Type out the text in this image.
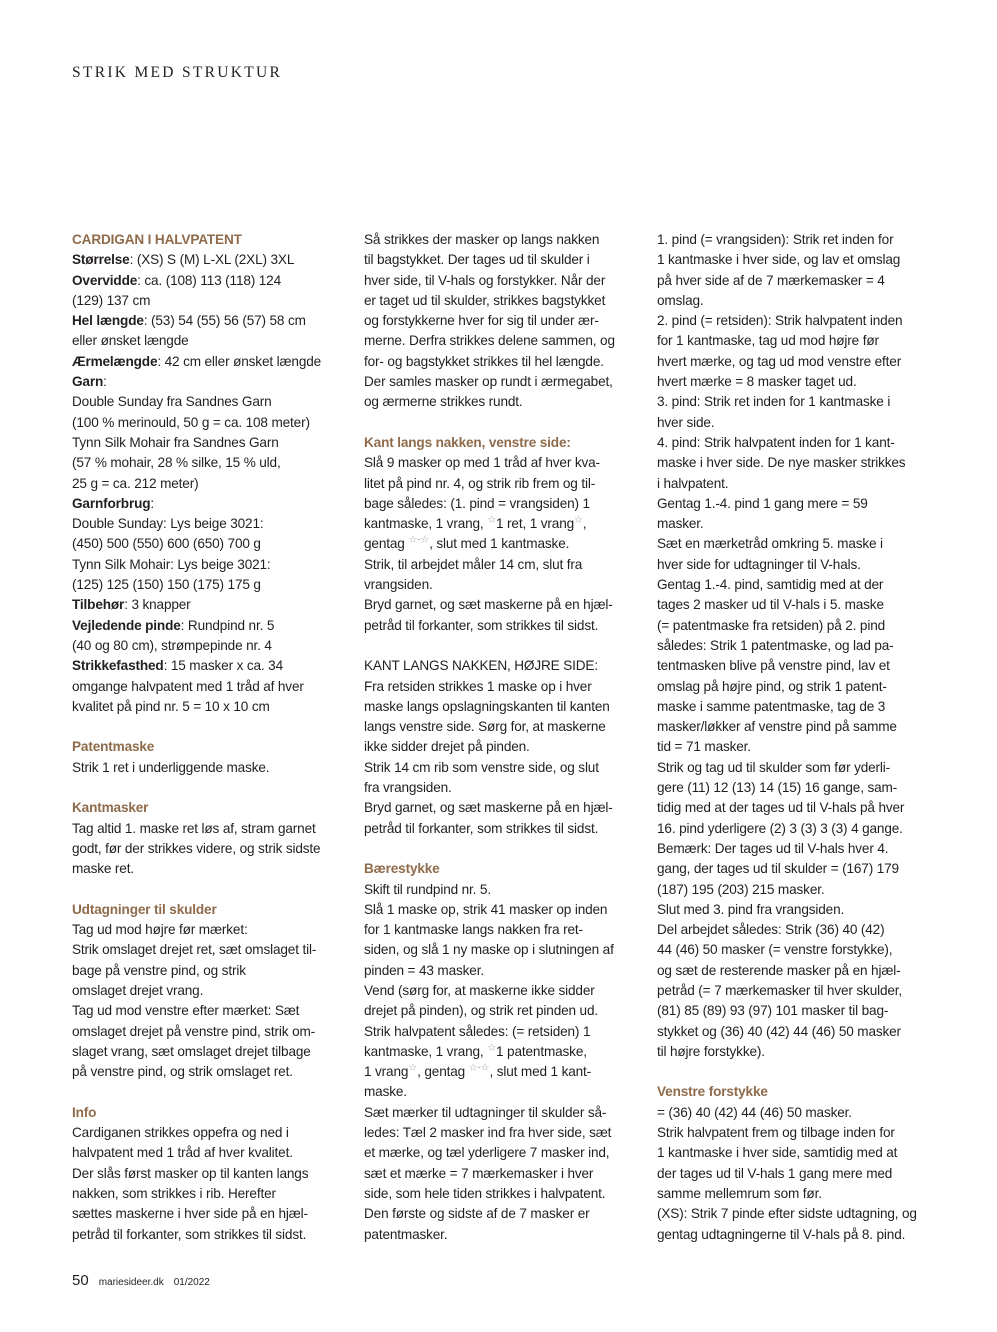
STRIK MED STRUKTUR

CARDIGAN I HALVPATENT

Størrelse: (XS) S (M) L-XL (2XL) 3XL

Overvidde: ca. (108) 113 (118) 124

(129) 137 cm

Hel længde: (53) 54 (55) 56 (57) 58 cm

eller ønsket længde

Ærmelængde: 42 cm eller ønsket længde

Garn:

Double Sunday fra Sandnes Garn

(100 % merinould, 50 g = ca. 108 meter)

Tynn Silk Mohair fra Sandnes Garn

(57 % mohair, 28 % silke, 15 % uld,

25 g = ca. 212 meter)

Garnforbrug:

Double Sunday: Lys beige 3021:

(450) 500 (550) 600 (650) 700 g

Tynn Silk Mohair: Lys beige 3021:

(125) 125 (150) 150 (175) 175 g

Tilbehør: 3 knapper

Vejledende pinde: Rundpind nr. 5

(40 og 80 cm), strømpepinde nr. 4

Strikkefasthed: 15 masker x ca. 34

omgange halvpatent med 1 tråd af hver

kvalitet på pind nr. 5 = 10 x 10 cm

Patentmaske

Strik 1 ret i underliggende maske.

Kantmasker

Tag altid 1. maske ret løs af, stram garnet

godt, før der strikkes videre, og strik sidste

maske ret.

Udtagninger til skulder

Tag ud mod højre før mærket:

Strik omslaget drejet ret, sæt omslaget til-

bage på venstre pind, og strik

omslaget drejet vrang.

Tag ud mod venstre efter mærket: Sæt

omslaget drejet på venstre pind, strik om-

slaget vrang, sæt omslaget drejet tilbage

på venstre pind, og strik omslaget ret.

Info

Cardiganen strikkes oppefra og ned i

halvpatent med 1 tråd af hver kvalitet.

Der slås først masker op til kanten langs

nakken, som strikkes i rib. Herefter

sættes maskerne i hver side på en hjæl-

petråd til forkanter, som strikkes til sidst.

Så strikkes der masker op langs nakken

til bagstykket. Der tages ud til skulder i

hver side, til V-hals og forstykker. Når der

er taget ud til skulder, strikkes bagstykket

og forstykkerne hver for sig til under ær-

merne. Derfra strikkes delene sammen, og

for- og bagstykket strikkes til hel længde.

Der samles masker op rundt i ærmegabet,

og ærmerne strikkes rundt.

Kant langs nakken, venstre side:

Slå 9 masker op med 1 tråd af hver kva-

litet på pind nr. 4, og strik rib frem og til-

bage således: (1. pind = vrangsiden) 1

kantmaske, 1 vrang, ☆1 ret, 1 vrang☆,

gentag ☆-☆, slut med 1 kantmaske.

Strik, til arbejdet måler 14 cm, slut fra

vrangsiden.

Bryd garnet, og sæt maskerne på en hjæl-

petråd til forkanter, som strikkes til sidst.

KANT LANGS NAKKEN, HØJRE SIDE:

Fra retsiden strikkes 1 maske op i hver

maske langs opslagningskanten til kanten

langs venstre side. Sørg for, at maskerne

ikke sidder drejet på pinden.

Strik 14 cm rib som venstre side, og slut

fra vrangsiden.

Bryd garnet, og sæt maskerne på en hjæl-

petråd til forkanter, som strikkes til sidst.

Bærestykke

Skift til rundpind nr. 5.

Slå 1 maske op, strik 41 masker op inden

for 1 kantmaske langs nakken fra ret-

siden, og slå 1 ny maske op i slutningen af

pinden = 43 masker.

Vend (sørg for, at maskerne ikke sidder

drejet på pinden), og strik ret pinden ud.

Strik halvpatent således: (= retsiden) 1

kantmaske, 1 vrang, ☆1 patentmaske,

1 vrang☆, gentag ☆-☆, slut med 1 kant-

maske.

Sæt mærker til udtagninger til skulder så-

ledes: Tæl 2 masker ind fra hver side, sæt

et mærke, og tæl yderligere 7 masker ind,

sæt et mærke = 7 mærkemasker i hver

side, som hele tiden strikkes i halvpatent.

Den første og sidste af de 7 masker er

patentmasker.

1. pind (= vrangsiden): Strik ret inden for

1 kantmaske i hver side, og lav et omslag

på hver side af de 7 mærkemasker = 4

omslag.

2. pind (= retsiden): Strik halvpatent inden

for 1 kantmaske, tag ud mod højre før

hvert mærke, og tag ud mod venstre efter

hvert mærke = 8 masker taget ud.

3. pind: Strik ret inden for 1 kantmaske i

hver side.

4. pind: Strik halvpatent inden for 1 kant-

maske i hver side. De nye masker strikkes

i halvpatent.

Gentag 1.-4. pind 1 gang mere = 59

masker.

Sæt en mærketråd omkring 5. maske i

hver side for udtagninger til V-hals.

Gentag 1.-4. pind, samtidig med at der

tages 2 masker ud til V-hals i 5. maske

(= patentmaske fra retsiden) på 2. pind

således: Strik 1 patentmaske, og lad pa-

tentmasken blive på venstre pind, lav et

omslag på højre pind, og strik 1 patent-

maske i samme patentmaske, tag de 3

masker/løkker af venstre pind på samme

tid = 71 masker.

Strik og tag ud til skulder som før yderli-

gere (11) 12 (13) 14 (15) 16 gange, sam-

tidig med at der tages ud til V-hals på hver

16. pind yderligere (2) 3 (3) 3 (3) 4 gange.

Bemærk: Der tages ud til V-hals hver 4.

gang, der tages ud til skulder = (167) 179

(187) 195 (203) 215 masker.

Slut med 3. pind fra vrangsiden.

Del arbejdet således: Strik (36) 40 (42)

44 (46) 50 masker (= venstre forstykke),

og sæt de resterende masker på en hjæl-

petråd (= 7 mærkemasker til hver skulder,

(81) 85 (89) 93 (97) 101 masker til bag-

stykket og (36) 40 (42) 44 (46) 50 masker

til højre forstykke).

Venstre forstykke

= (36) 40 (42) 44 (46) 50 masker.

Strik halvpatent frem og tilbage inden for

1 kantmaske i hver side, samtidig med at

der tages ud til V-hals 1 gang mere med

samme mellemrum som før.

(XS): Strik 7 pinde efter sidste udtagning, og

gentag udtagningerne til V-hals på 8. pind.

50 mariesideer.dk 01/2022
